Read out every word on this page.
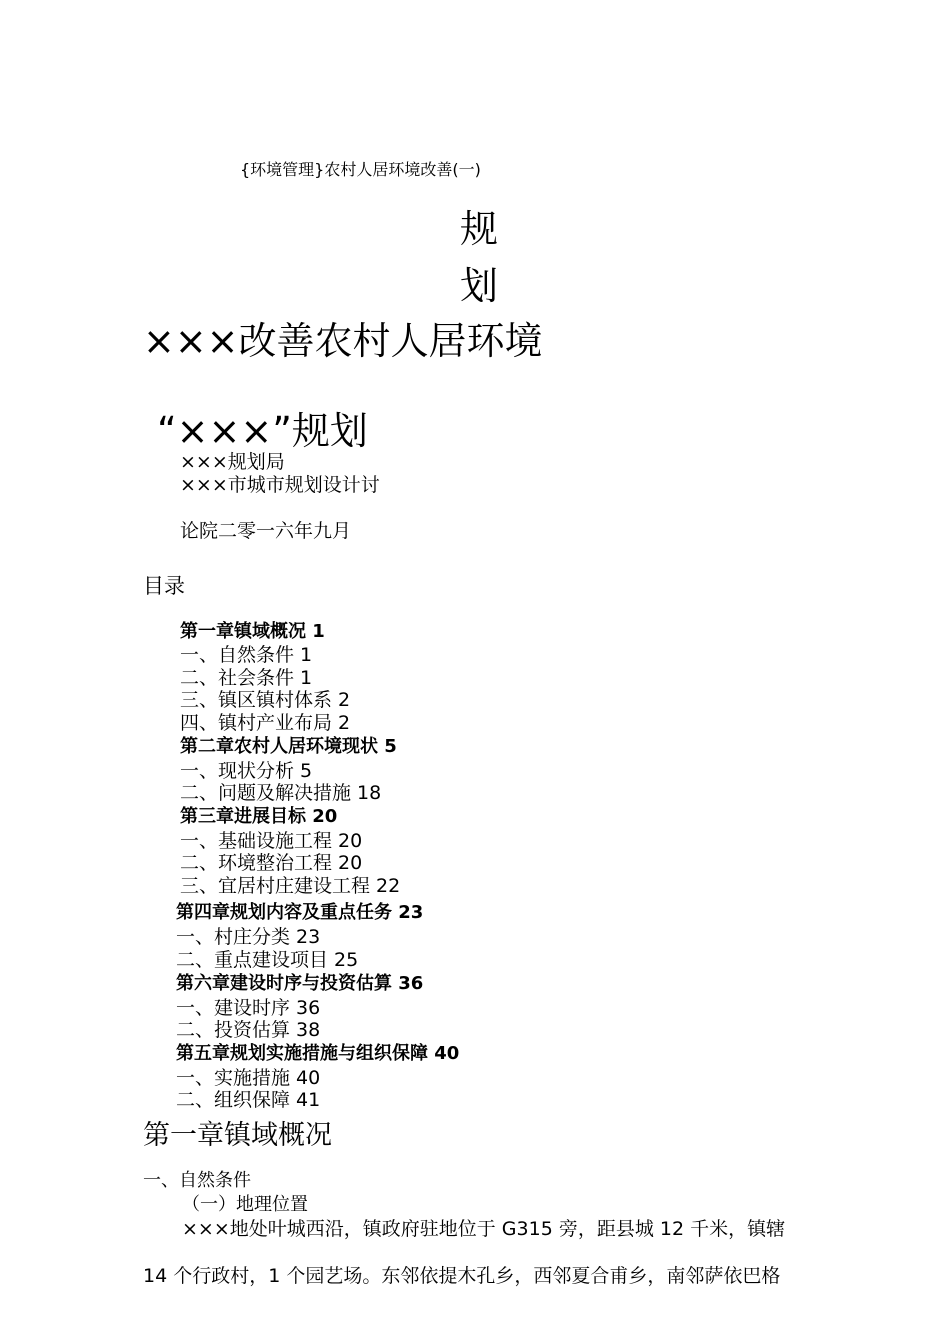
{环境管理}农村人居环境改善(一)
规
划
×××改善农村人居环境
“×××”规划
×××规划局
×××市城市规划设计讨
论院二零一六年九月
目录
第一章镇域概况 1
一、自然条件 1
二、社会条件 1
三、镇区镇村体系 2
四、镇村产业布局 2
第二章农村人居环境现状 5
一、现状分析 5
二、问题及解决措施 18
第三章进展目标 20
一、基础设施工程 20
二、环境整治工程 20
三、宜居村庄建设工程 22
第四章规划内容及重点任务 23
一、村庄分类 23
二、重点建设项目 25
第六章建设时序与投资估算 36
一、建设时序 36
二、投资估算 38
第五章规划实施措施与组织保障 40
一、实施措施 40
二、组织保障 41
第一章镇域概况
一、自然条件
（一）地理位置
×××地处叶城西沿，镇政府驻地位于 G315 旁，距县城 12 千米，镇辖
14 个行政村，1 个园艺场。东邻依提木孔乡，西邻夏合甫乡，南邻萨依巴格
